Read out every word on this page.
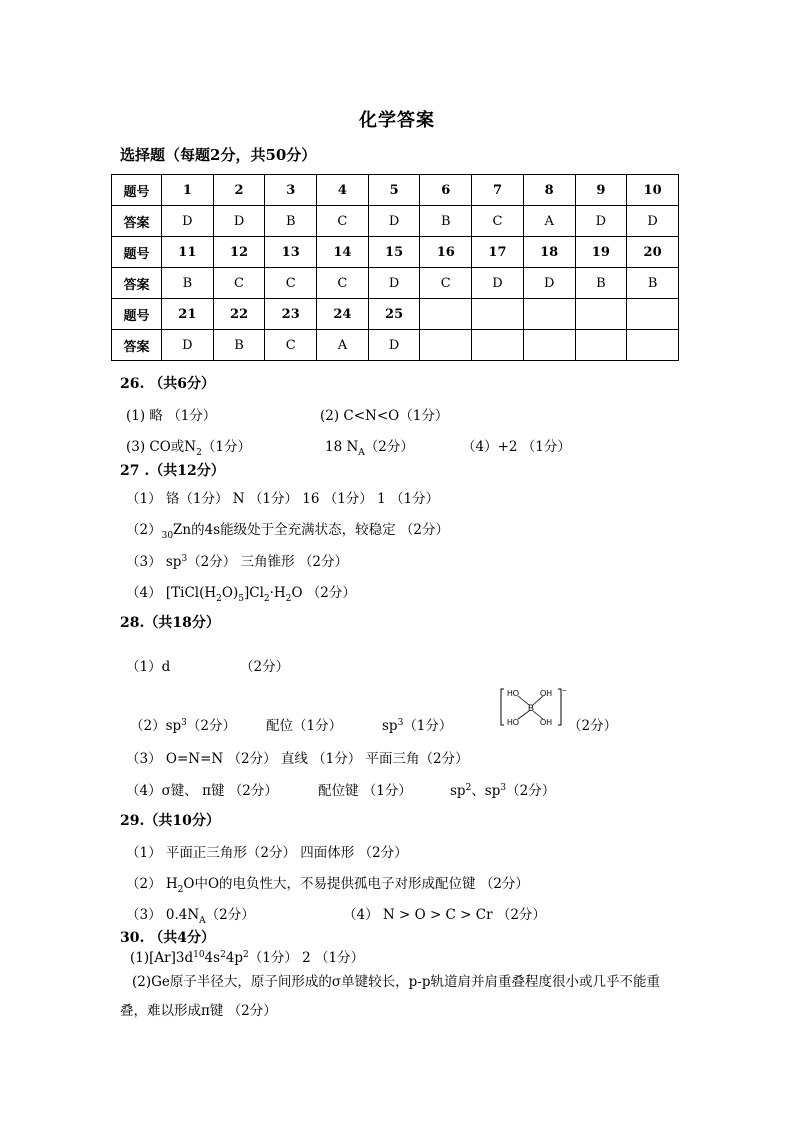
化学答案
选择题（每题2分，共50分）
题号	1	2	3	4	5	6	7	8	9	10
答案	D	D	B	C	D	B	C	A	D	D
题号	11	12	13	14	15	16	17	18	19	20
答案	B	C	C	C	D	C	D	D	B	B
题号	21	22	23	24	25					
答案	D	B	C	A	D					
26. （共6分）
(1) 略 （1分）	(2) C<N<O（1分）
(3) CO或N2（1分）	18 NA（2分）	（4）+2 （1分）
27 .（共12分）
（1） 铬（1分） N （1分） 16 （1分） 1 （1分）
（2）30Zn的4s能级处于全充满状态，较稳定 （2分）
（3） sp3（2分） 三角锥形 （2分）
（4） [TiCl(H2O)5]Cl2·H2O （2分）
28.（共18分）
（1）d	（2分）
（2）sp3（2分） 配位（1分）	sp3（1分）
HO	OH
B
HO	OH
−
（2分）
（3） O=N=N （2分） 直线 （1分） 平面三角（2分）
（4）σ键、 π键 （2分）	配位键 （1分）	sp2、sp3（2分）
29.（共10分）
（1） 平面正三角形（2分） 四面体形 （2分）
（2） H2O中O的电负性大，不易提供孤电子对形成配位键 （2分）
（3） 0.4NA（2分）	（4） N > O > C > Cr （2分）
30. （共4分）
(1)[Ar]3d104s24p2（1分） 2 （1分）
(2)Ge原子半径大，原子间形成的σ单键较长，p-p轨道肩并肩重叠程度很小或几乎不能重叠，难以形成π键 （2分）
